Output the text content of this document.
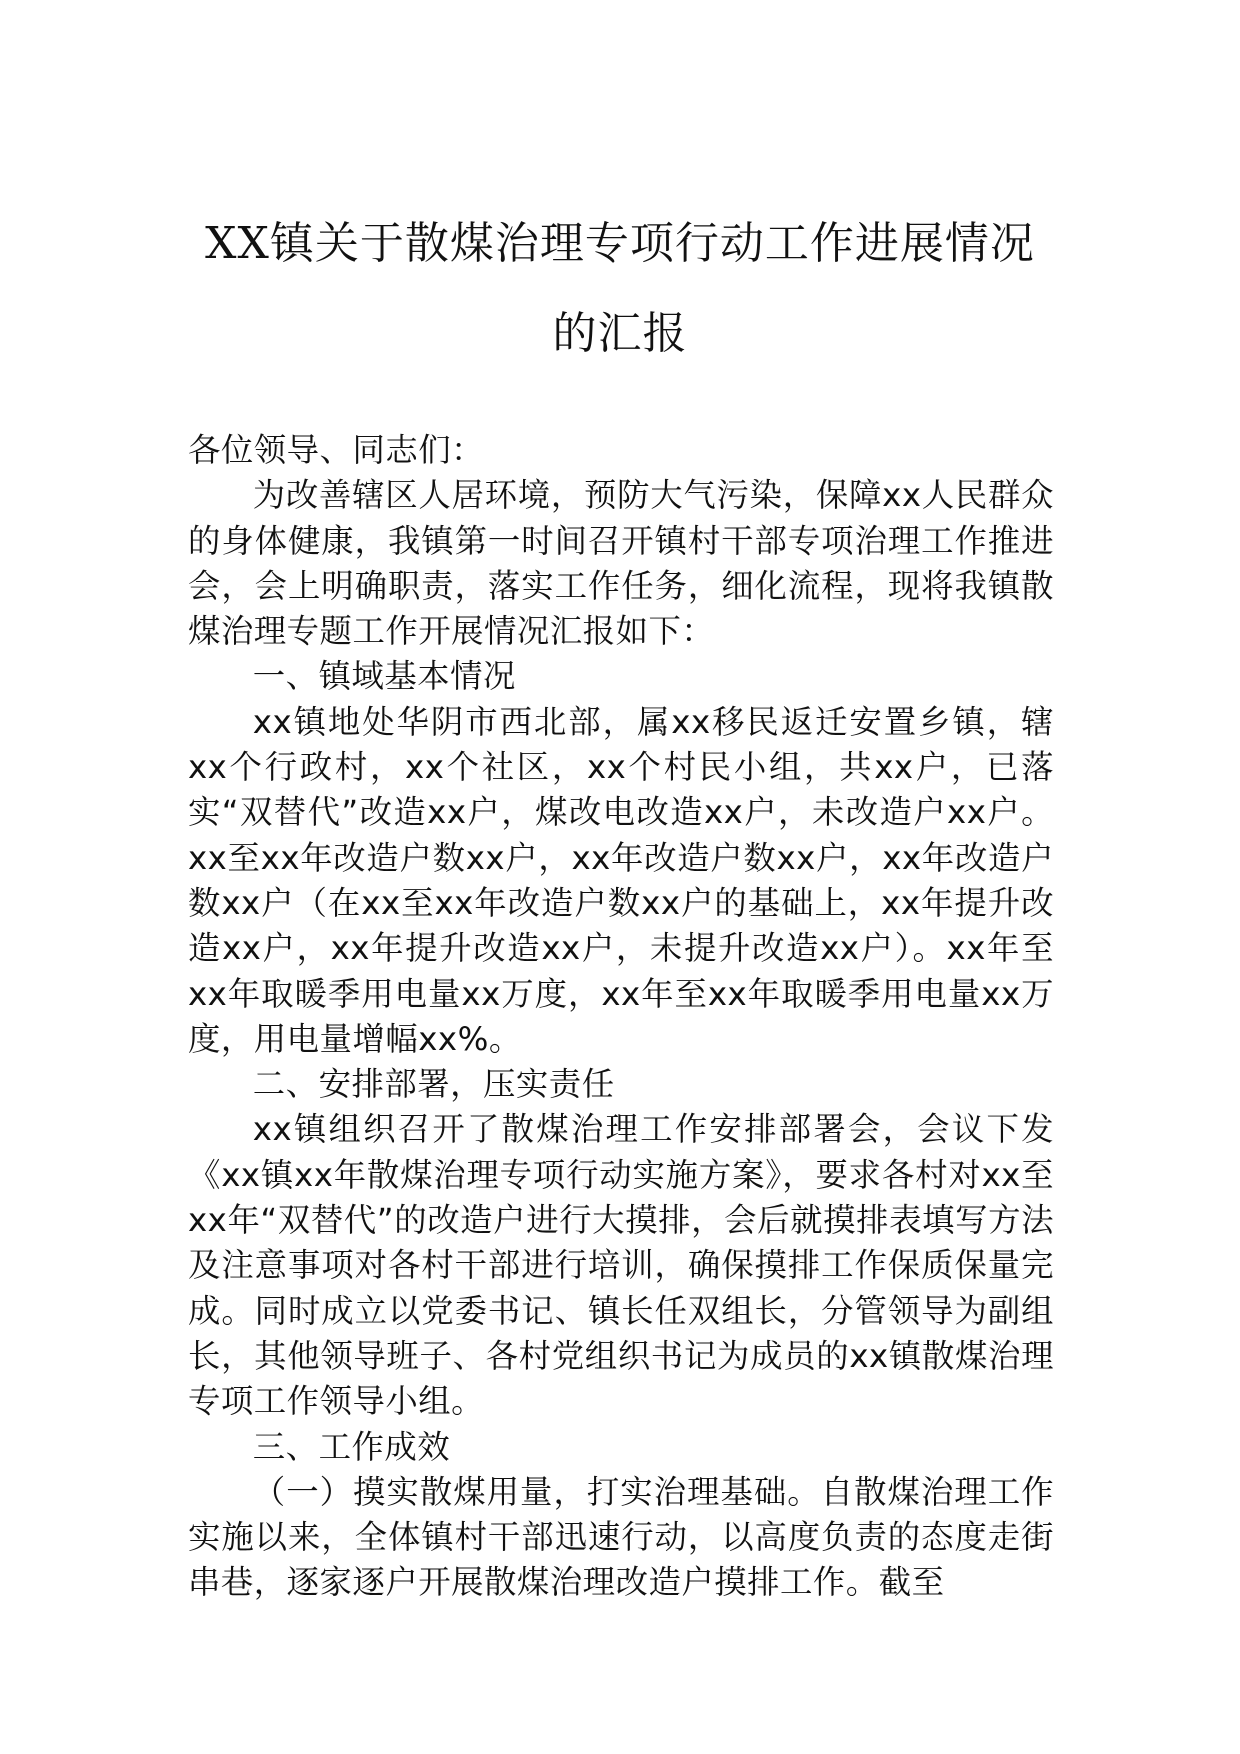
XX镇关于散煤治理专项行动工作进展情况
的汇报

各位领导、同志们：

为改善辖区人居环境，预防大气污染，保障xx人民群众的身体健康，我镇第一时间召开镇村干部专项治理工作推进会，会上明确职责，落实工作任务，细化流程，现将我镇散煤治理专题工作开展情况汇报如下：

一、镇域基本情况

xx镇地处华阴市西北部，属xx移民返迁安置乡镇，辖xx个行政村，xx个社区，xx个村民小组，共xx户，已落实“双替代”改造xx户，煤改电改造xx户，未改造户xx户。xx至xx年改造户数xx户，xx年改造户数xx户，xx年改造户数xx户（在xx至xx年改造户数xx户的基础上，xx年提升改造xx户，xx年提升改造xx户，未提升改造xx户）。xx年至xx年取暖季用电量xx万度，xx年至xx年取暖季用电量xx万度，用电量增幅xx%。

二、安排部署，压实责任

xx镇组织召开了散煤治理工作安排部署会，会议下发《xx镇xx年散煤治理专项行动实施方案》，要求各村对xx至xx年“双替代”的改造户进行大摸排，会后就摸排表填写方法及注意事项对各村干部进行培训，确保摸排工作保质保量完成。同时成立以党委书记、镇长任双组长，分管领导为副组长，其他领导班子、各村党组织书记为成员的xx镇散煤治理专项工作领导小组。

三、工作成效

（一）摸实散煤用量，打实治理基础。自散煤治理工作实施以来，全体镇村干部迅速行动，以高度负责的态度走街串巷，逐家逐户开展散煤治理改造户摸排工作。截至
